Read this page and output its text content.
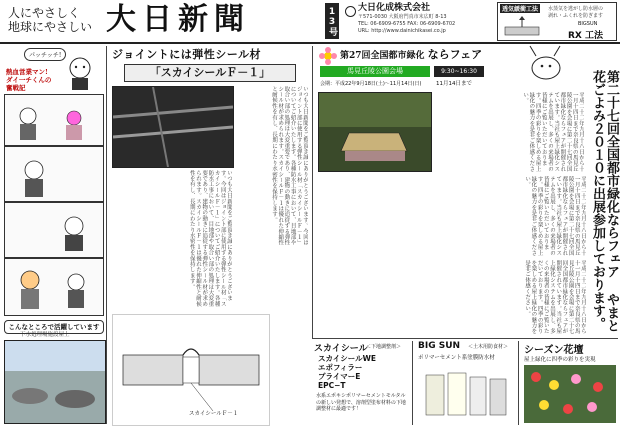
人にやさしく
地球にやさしい 大日新聞	13号 大日化成株式会社
〒571-0030 大阪府門真市末広町 8-13
TEL: 06-6909-6755 FAX: 06-6909-6702
URL: http://www.dainichikasei.co.jp
透気緩衝工法	水蒸気を逃がし防水層の
剥れ・ふくれを防ぎます
BIGSUN
RX 工法
パッチッチ!
熱血営業マン!
ダイ一チくんの奮戦記
こんなところで活躍しています
ジョイントには弾性シール材
「スカイシールＦ－１」
いつも大日新聞をご覧頂き誠にありがとうございます。今回はジョイント部に使用する弾性シール材「スカイシールＦ－１」についてご紹介いたします。各種防水工事において、目地部や取合い部の処理は大変重要であり、建物の動きに追従する弾性シール材が求められます。スカイシールＦ－１は優れた伸縮性と耐候性を有し、長期にわたり水密性を保持します。
いつも大日新聞をご覧頂き誠にありがとうございます。今回はジョイント部に使用する弾性シール材「スカイシールＦ－１」についてご紹介いたします。各種防水工事において、目地部や取合い部の処理は大変重要であり、建物の動きに追従する弾性シール材が求められます。スカイシールＦ－１は優れた伸縮性と耐候性を有し、長期にわたり水密性を保持します。
下水処理場施設屋上
スカイシールＦ－１
第27回全国都市緑化 ならフェア
馬見丘陵公園会場	9:30~16:30
会期：平成22年9月18日(土)～11月14日(日)	11月14日まで
平成二十二年九月十八日から十一月十四日まで奈良県の馬見丘陵公園を会場に第二十七回全国都市緑化ならフェアが開催されています。当社も屋上緑化システムを出展し、多くの来場者の皆様にご覧いただいております。四季の彩りを楽しめる屋上緑化の魅力を是非ご体感ください。
平成二十二年九月十八日から十一月十四日まで奈良県の馬見丘陵公園を会場に第二十七回全国都市緑化ならフェアが開催されています。当社も屋上緑化システムを出展し、多くの来場者の皆様にご覧いただいております。四季の彩りを楽しめる屋上緑化の魅力を是非ご体感ください。
平成二十二年九月十八日から十一月十四日まで奈良県の馬見丘陵公園を会場に第二十七回全国都市緑化ならフェアが開催されています。当社も屋上緑化システムを出展し、多くの来場者の皆様にご覧いただいております。四季の彩りを楽しめる屋上緑化の魅力を是非ご体感ください。
第二十七回全国都市緑化ならフェア やまと花ごよみ２０１０に出展参加しております。
スカイシール
＜下地調整剤＞
スカイシールWE
エポフィラー
プライマーE
EPC−T
水系エポキシポリマーセメントモルタルの新しい発想で、溶剤型塗布材料の下地調整材に最適です！
BIG SUN ＜土木用防食材＞
ポリマーセメント系塗膜防水材
シーズン花壇
屋上緑化に四季の彩りを実現
